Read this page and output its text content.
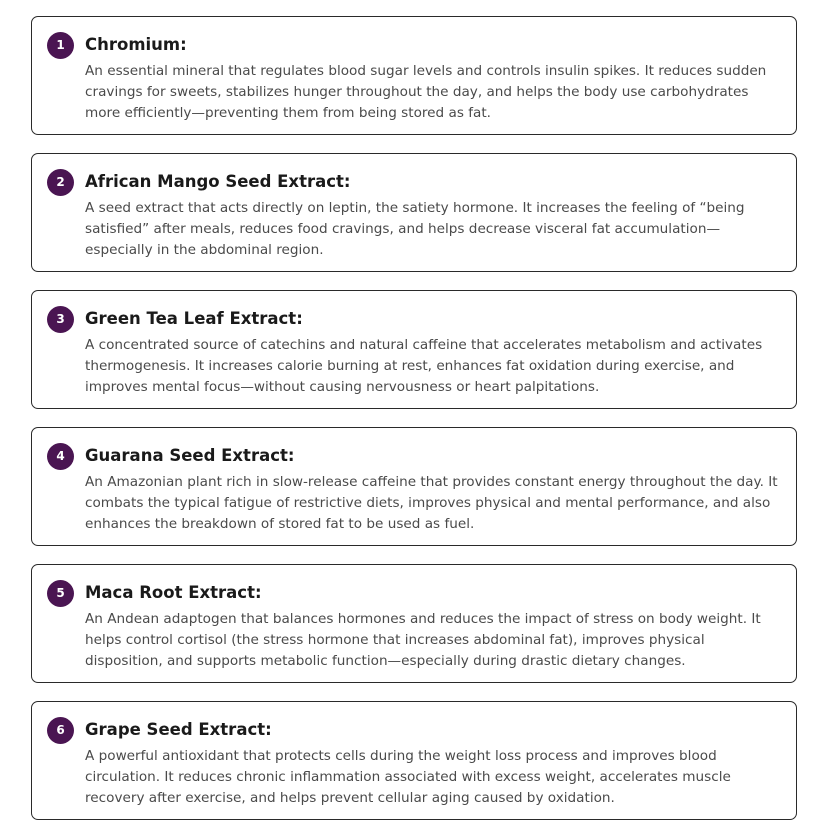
1	Chromium:
An essential mineral that regulates blood sugar levels and controls insulin spikes. It reduces sudden cravings for sweets, stabilizes hunger throughout the day, and helps the body use carbohydrates more efficiently—preventing them from being stored as fat.
2	African Mango Seed Extract:
A seed extract that acts directly on leptin, the satiety hormone. It increases the feeling of “being satisfied” after meals, reduces food cravings, and helps decrease visceral fat accumulation—especially in the abdominal region.
3	Green Tea Leaf Extract:
A concentrated source of catechins and natural caffeine that accelerates metabolism and activates thermogenesis. It increases calorie burning at rest, enhances fat oxidation during exercise, and improves mental focus—without causing nervousness or heart palpitations.
4	Guarana Seed Extract:
An Amazonian plant rich in slow-release caffeine that provides constant energy throughout the day. It combats the typical fatigue of restrictive diets, improves physical and mental performance, and also enhances the breakdown of stored fat to be used as fuel.
5	Maca Root Extract:
An Andean adaptogen that balances hormones and reduces the impact of stress on body weight. It helps control cortisol (the stress hormone that increases abdominal fat), improves physical disposition, and supports metabolic function—especially during drastic dietary changes.
6	Grape Seed Extract:
A powerful antioxidant that protects cells during the weight loss process and improves blood circulation. It reduces chronic inflammation associated with excess weight, accelerates muscle recovery after exercise, and helps prevent cellular aging caused by oxidation.
